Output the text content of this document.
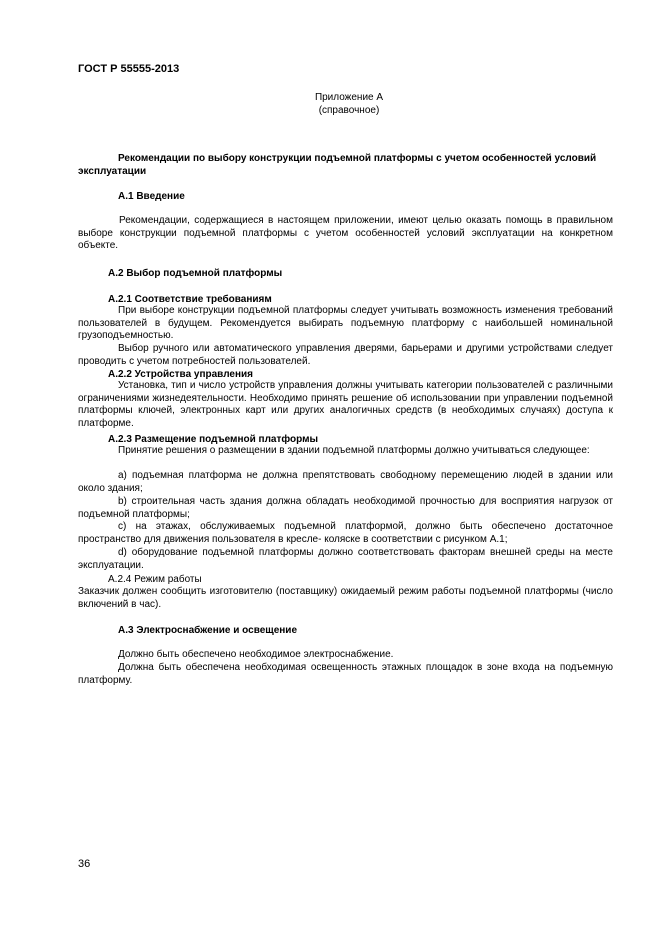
ГОСТ Р 55555-2013
Приложение А
(справочное)
Рекомендации по выбору конструкции подъемной платформы с учетом особенностей условий эксплуатации
А.1 Введение
Рекомендации, содержащиеся в настоящем приложении, имеют целью оказать помощь в правильном выборе конструкции подъемной платформы с учетом особенностей условий эксплуатации на конкретном объекте.
А.2 Выбор подъемной платформы
А.2.1 Соответствие требованиям
При выборе конструкции подъемной платформы следует учитывать возможность изменения требований пользователей в будущем. Рекомендуется выбирать подъемную платформу с наибольшей номинальной грузоподъемностью.
Выбор ручного или автоматического управления дверями, барьерами и другими устройствами следует проводить с учетом потребностей пользователей.
А.2.2 Устройства управления
Установка, тип и число устройств управления должны учитывать категории пользователей с различными ограничениями жизнедеятельности. Необходимо принять решение об использовании при управлении подъемной платформы ключей, электронных карт или других аналогичных средств (в необходимых случаях) доступа к платформе.
А.2.3 Размещение подъемной платформы
Принятие решения о размещении в здании подъемной платформы должно учитываться следующее:
а) подъемная платформа не должна препятствовать свободному перемещению людей в здании или около здания;
b) строительная часть здания должна обладать необходимой прочностью для восприятия нагрузок от подъемной платформы;
с) на этажах, обслуживаемых подъемной платформой, должно быть обеспечено достаточное пространство для движения пользователя в кресле- коляске в соответствии с рисунком А.1;
d) оборудование подъемной платформы должно соответствовать факторам внешней среды на месте эксплуатации.
А.2.4 Режим работы
Заказчик должен сообщить изготовителю (поставщику) ожидаемый режим работы подъемной платформы (число включений в час).
А.3 Электроснабжение и освещение
Должно быть обеспечено необходимое электроснабжение.
Должна быть обеспечена необходимая освещенность этажных площадок в зоне входа на подъемную платформу.
36
